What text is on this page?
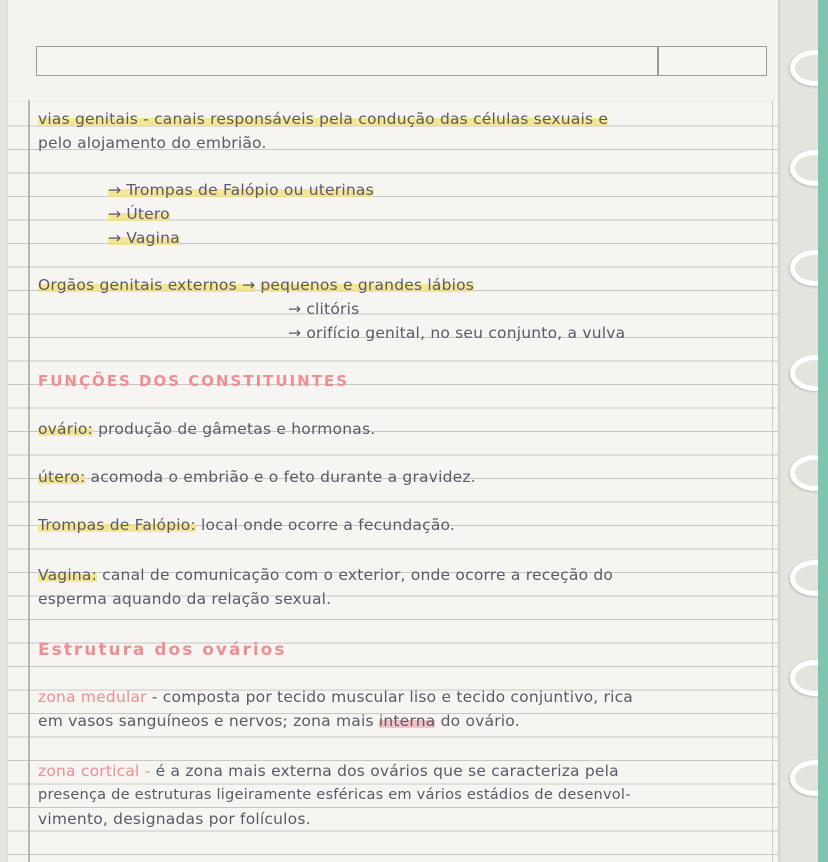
vias genitais - canais responsáveis pela condução das células sexuais e
pelo alojamento do embrião.
→ Trompas de Falópio ou uterinas
→ Útero
→ Vagina
Orgãos genitais externos → pequenos e grandes lábios
→ clitóris
→ orifício genital, no seu conjunto, a vulva
FUNÇÕES DOS CONSTITUINTES
ovário: produção de gâmetas e hormonas.
útero: acomoda o embrião e o feto durante a gravidez.
Trompas de Falópio: local onde ocorre a fecundação.
Vagina: canal de comunicação com o exterior, onde ocorre a receção do
esperma aquando da relação sexual.
Estrutura dos ovários
zona medular - composta por tecido muscular liso e tecido conjuntivo, rica
em vasos sanguíneos e nervos; zona mais interna do ovário.
zona cortical - é a zona mais externa dos ovários que se caracteriza pela
presença de estruturas ligeiramente esféricas em vários estádios de desenvol-
vimento, designadas por folículos.
